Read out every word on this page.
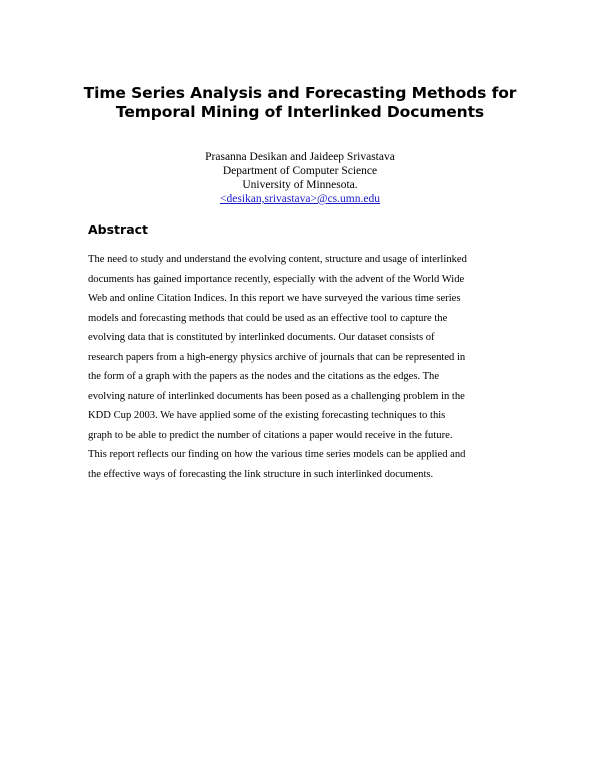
Time Series Analysis and Forecasting Methods for
Temporal Mining of Interlinked Documents
Prasanna Desikan and Jaideep Srivastava
Department of Computer Science
University of Minnesota.
<desikan,srivastava>@cs.umn.edu
Abstract

The need to study and understand the evolving content, structure and usage of interlinked
documents has gained importance recently, especially with the advent of the World Wide
Web and online Citation Indices. In this report we have surveyed the various time series
models and forecasting methods that could be used as an effective tool to capture the
evolving data that is constituted by interlinked documents. Our dataset consists of
research papers from a high-energy physics archive of journals that can be represented in
the form of a graph with the papers as the nodes and the citations as the edges. The
evolving nature of interlinked documents has been posed as a challenging problem in the
KDD Cup 2003. We have applied some of the existing forecasting techniques to this
graph to be able to predict the number of citations a paper would receive in the future.
This report reflects our finding on how the various time series models can be applied and
the effective ways of forecasting the link structure in such interlinked documents.
